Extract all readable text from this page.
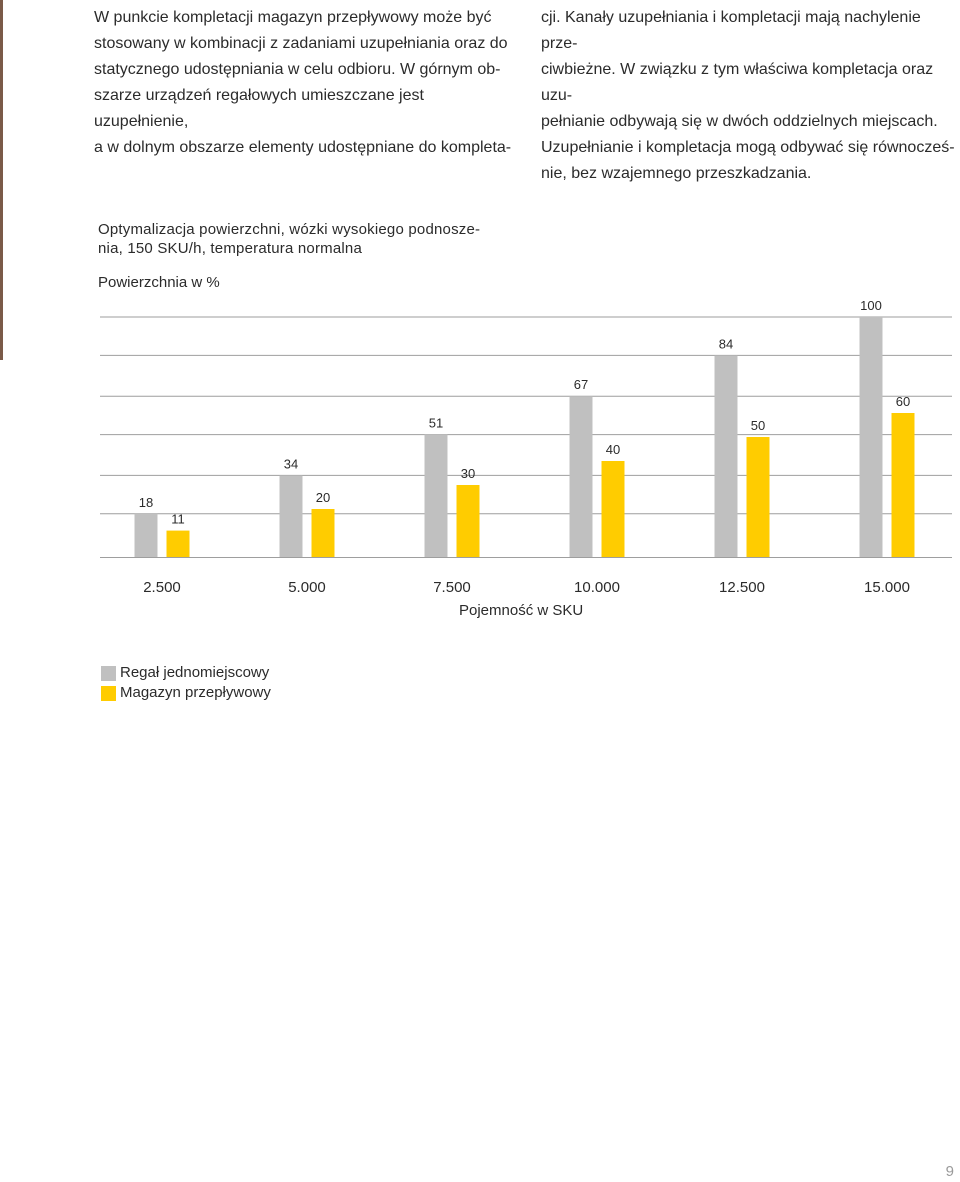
W punkcie kompletacji magazyn przepływowy może być

stosowany w kombinacji z zadaniami uzupełniania oraz do

statycznego udostępniania w celu odbioru. W górnym ob-

szarze urządzeń regałowych umieszczane jest uzupełnienie,

a w dolnym obszarze elementy udostępniane do kompleta-

cji. Kanały uzupełniania i kompletacji mają nachylenie prze-

ciwbieżne. W związku z tym właściwa kompletacja oraz uzu-

pełnianie odbywają się w dwóch oddzielnych miejscach.

Uzupełnianie i kompletacja mogą odbywać się równocześ-

nie, bez wzajemnego przeszkadzania.

Optymalizacja powierzchni, wózki wysokiego podnosze-
nia, 150 SKU/h, temperatura normalna
Powierzchnia w %
18
11
2.500
34
20
5.000
51
30
7.500
67
40
10.000
84
50
12.500
100
60
15.000
Pojemność w SKU
Regał jednomiejscowy
Magazyn przepływowy
9
